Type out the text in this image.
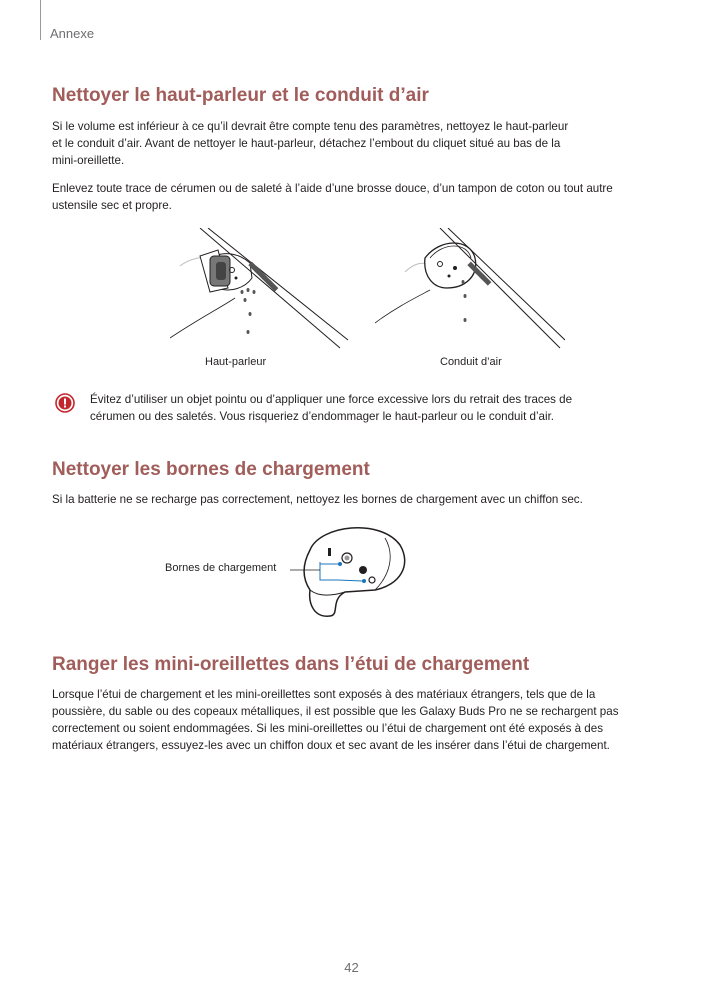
Annexe
Nettoyer le haut-parleur et le conduit d’air

Si le volume est inférieur à ce qu’il devrait être compte tenu des paramètres, nettoyez le haut-parleur
et le conduit d’air. Avant de nettoyer le haut-parleur, détachez l’embout du cliquet situé au bas de la
mini-oreillette.

Enlevez toute trace de cérumen ou de saleté à l’aide d’une brosse douce, d’un tampon de coton ou tout autre
ustensile sec et propre.

Haut-parleur	Conduit d’air

Évitez d’utiliser un objet pointu ou d’appliquer une force excessive lors du retrait des traces de
cérumen ou des saletés. Vous risqueriez d’endommager le haut-parleur ou le conduit d’air.

Nettoyer les bornes de chargement

Si la batterie ne se recharge pas correctement, nettoyez les bornes de chargement avec un chiffon sec.

Bornes de chargement
Ranger les mini-oreillettes dans l’étui de chargement

Lorsque l’étui de chargement et les mini-oreillettes sont exposés à des matériaux étrangers, tels que de la
poussière, du sable ou des copeaux métalliques, il est possible que les Galaxy Buds Pro ne se rechargent pas
correctement ou soient endommagées. Si les mini-oreillettes ou l’étui de chargement ont été exposés à des
matériaux étrangers, essuyez-les avec un chiffon doux et sec avant de les insérer dans l’étui de chargement.

42
